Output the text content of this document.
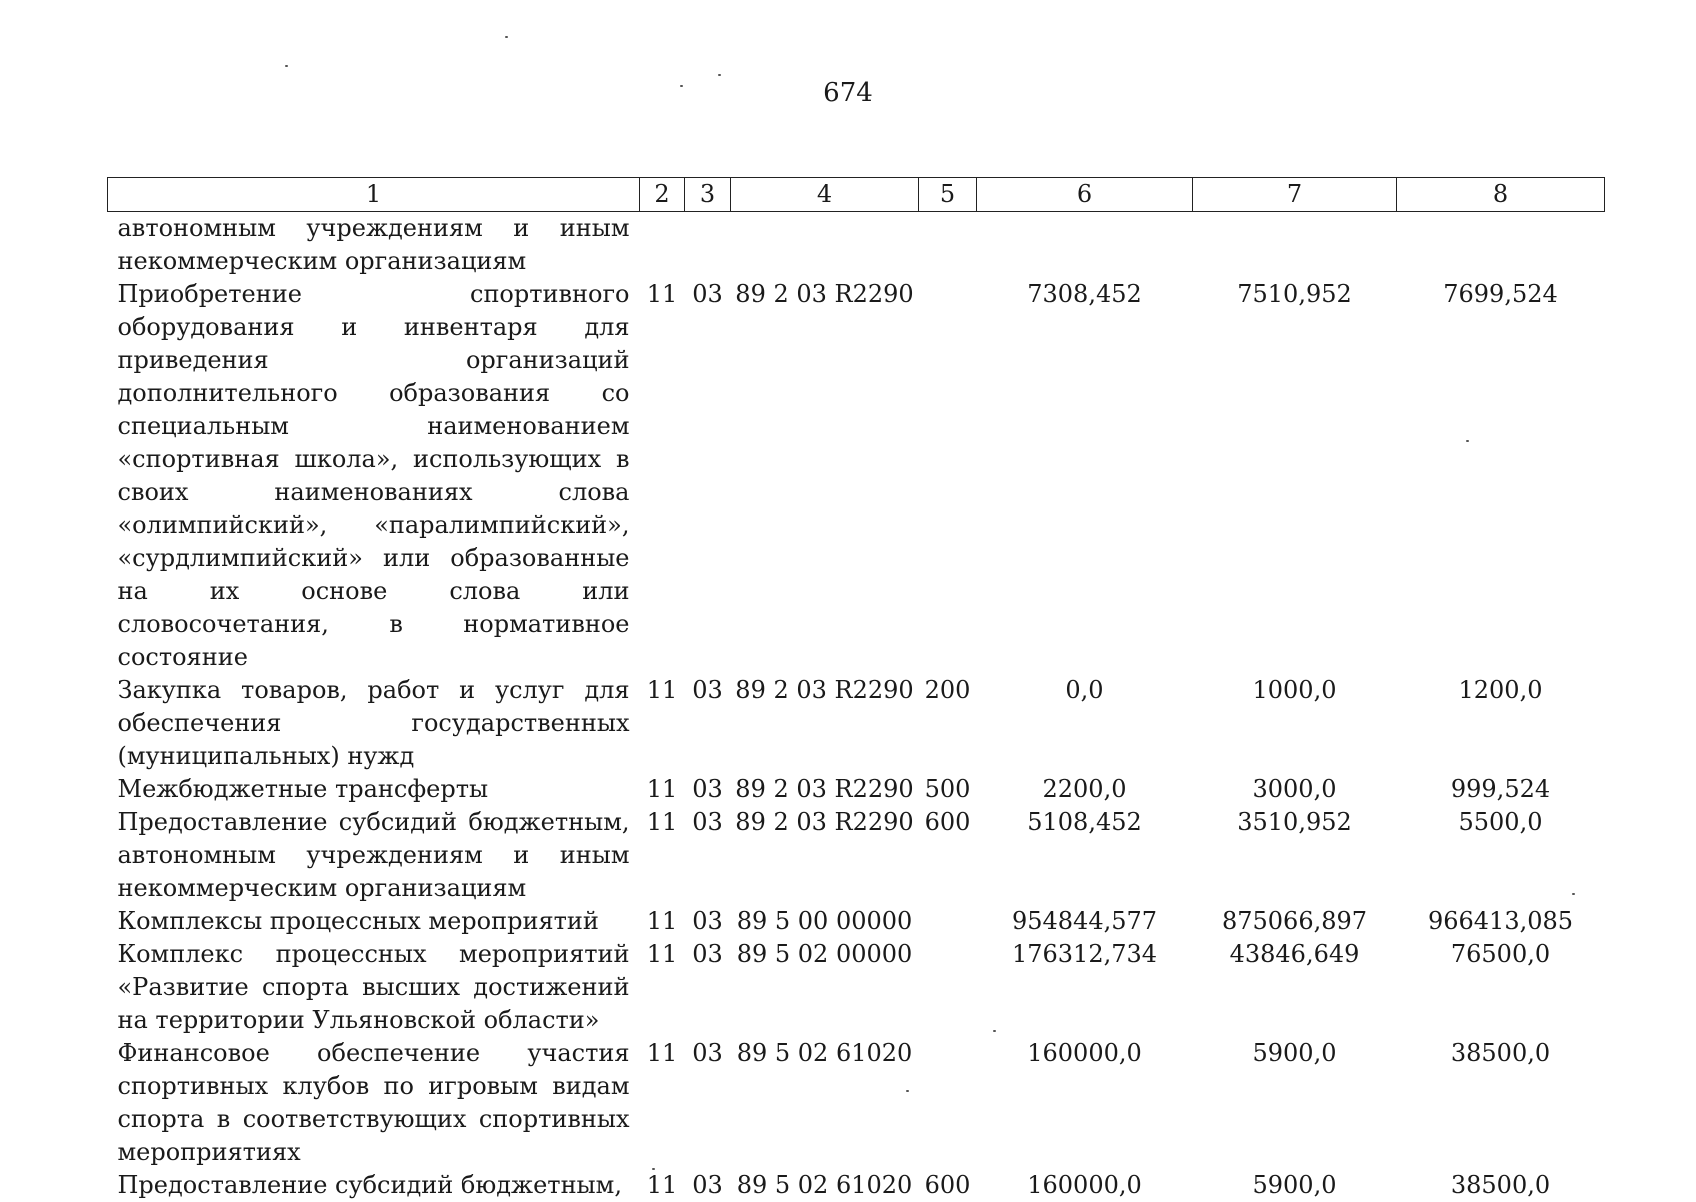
674
1	2	3	4	5	6	7	8
автономным учреждениям и иным некоммерческим организациям							
Приобретение спортивного оборудования и инвентаря для приведения организаций дополнительного образования со специальным наименованием «спортивная школа», использующих в своих наименованиях слова «олимпийский», «паралимпийский», «сурдлимпийский» или образованные на их основе слова или словосочетания, в нормативное состояние	11	03	89 2 03 R2290		7308,452	7510,952	7699,524
Закупка товаров, работ и услуг для обеспечения государственных (муниципальных) нужд	11	03	89 2 03 R2290	200	0,0	1000,0	1200,0
Межбюджетные трансферты	11	03	89 2 03 R2290	500	2200,0	3000,0	999,524
Предоставление субсидий бюджетным, автономным учреждениям и иным некоммерческим организациям	11	03	89 2 03 R2290	600	5108,452	3510,952	5500,0
Комплексы процессных мероприятий	11	03	89 5 00 00000		954844,577	875066,897	966413,085
Комплекс процессных мероприятий «Развитие спорта высших достижений на территории Ульяновской области»	11	03	89 5 02 00000		176312,734	43846,649	76500,0
Финансовое обеспечение участия спортивных клубов по игровым видам спорта в соответствующих спортивных мероприятиях	11	03	89 5 02 61020		160000,0	5900,0	38500,0
Предоставление субсидий бюджетным,	11	03	89 5 02 61020	600	160000,0	5900,0	38500,0
